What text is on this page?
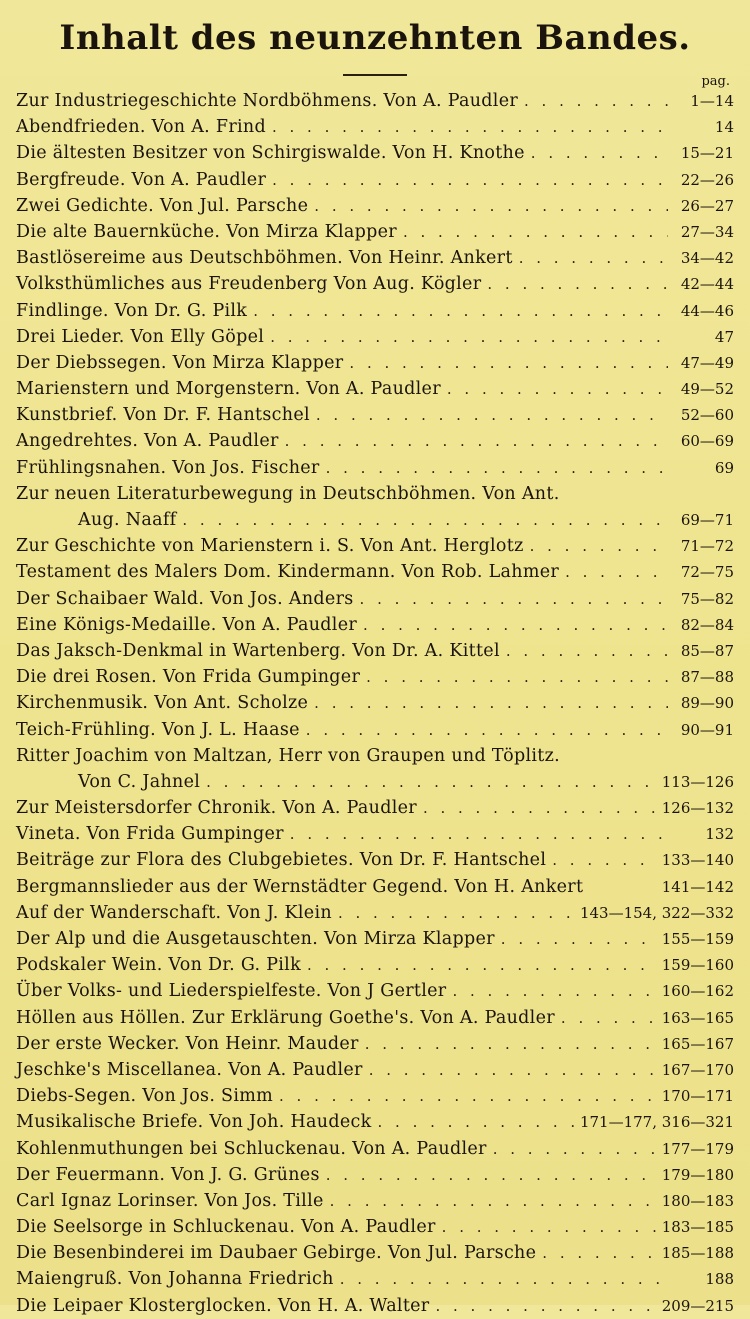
Inhalt des neunzehnten Bandes.
pag.
Zur Industriegeschichte Nordböhmens. Von A. Paudler . . .	1—14
Abendfrieden. Von A. Frind . . .	14
Die ältesten Besitzer von Schirgiswalde. Von H. Knothe . . .	15—21
Bergfreude. Von A. Paudler . . .	22—26
Zwei Gedichte. Von Jul. Parsche . . .	26—27
Die alte Bauernküche. Von Mirza Klapper . . .	27—34
Bastlösereime aus Deutschböhmen. Von Heinr. Ankert . . .	34—42
Volksthümliches aus Freudenberg Von Aug. Kögler . . .	42—44
Findlinge. Von Dr. G. Pilk . . .	44—46
Drei Lieder. Von Elly Göpel . . .	47
Der Diebssegen. Von Mirza Klapper . . .	47—49
Marienstern und Morgenstern. Von A. Paudler . . .	49—52
Kunstbrief. Von Dr. F. Hantschel . . .	52—60
Angedrehtes. Von A. Paudler . . .	60—69
Frühlingsnahen. Von Jos. Fischer . . .	69
Zur neuen Literaturbewegung in Deutschböhmen. Von Ant.
Aug. Naaff . . .	69—71
Zur Geschichte von Marienstern i. S. Von Ant. Herglotz . . .	71—72
Testament des Malers Dom. Kindermann. Von Rob. Lahmer . . .	72—75
Der Schaibaer Wald. Von Jos. Anders . . .	75—82
Eine Königs-Medaille. Von A. Paudler . . .	82—84
Das Jaksch-Denkmal in Wartenberg. Von Dr. A. Kittel . . .	85—87
Die drei Rosen. Von Frida Gumpinger . . .	87—88
Kirchenmusik. Von Ant. Scholze . . .	89—90
Teich-Frühling. Von J. L. Haase . . .	90—91
Ritter Joachim von Maltzan, Herr von Graupen und Töplitz.
Von C. Jahnel . . .	113—126
Zur Meistersdorfer Chronik. Von A. Paudler . . .	126—132
Vineta. Von Frida Gumpinger . . .	132
Beiträge zur Flora des Clubgebietes. Von Dr. F. Hantschel . . .	133—140
Bergmannslieder aus der Wernstädter Gegend. Von H. Ankert	141—142
Auf der Wanderschaft. Von J. Klein . . .	143—154, 322—332
Der Alp und die Ausgetauschten. Von Mirza Klapper . . .	155—159
Podskaler Wein. Von Dr. G. Pilk . . .	159—160
Über Volks- und Liederspielfeste. Von J Gertler . . .	160—162
Höllen aus Höllen. Zur Erklärung Goethe's. Von A. Paudler . . .	163—165
Der erste Wecker. Von Heinr. Mauder . . .	165—167
Jeschke's Miscellanea. Von A. Paudler . . .	167—170
Diebs-Segen. Von Jos. Simm . . .	170—171
Musikalische Briefe. Von Joh. Haudeck . . .	171—177, 316—321
Kohlenmuthungen bei Schluckenau. Von A. Paudler . . .	177—179
Der Feuermann. Von J. G. Grünes . . .	179—180
Carl Ignaz Lorinser. Von Jos. Tille . . .	180—183
Die Seelsorge in Schluckenau. Von A. Paudler . . .	183—185
Die Besenbinderei im Daubaer Gebirge. Von Jul. Parsche . . .	185—188
Maiengruß. Von Johanna Friedrich . . .	188
Die Leipaer Klosterglocken. Von H. A. Walter . . .	209—215
